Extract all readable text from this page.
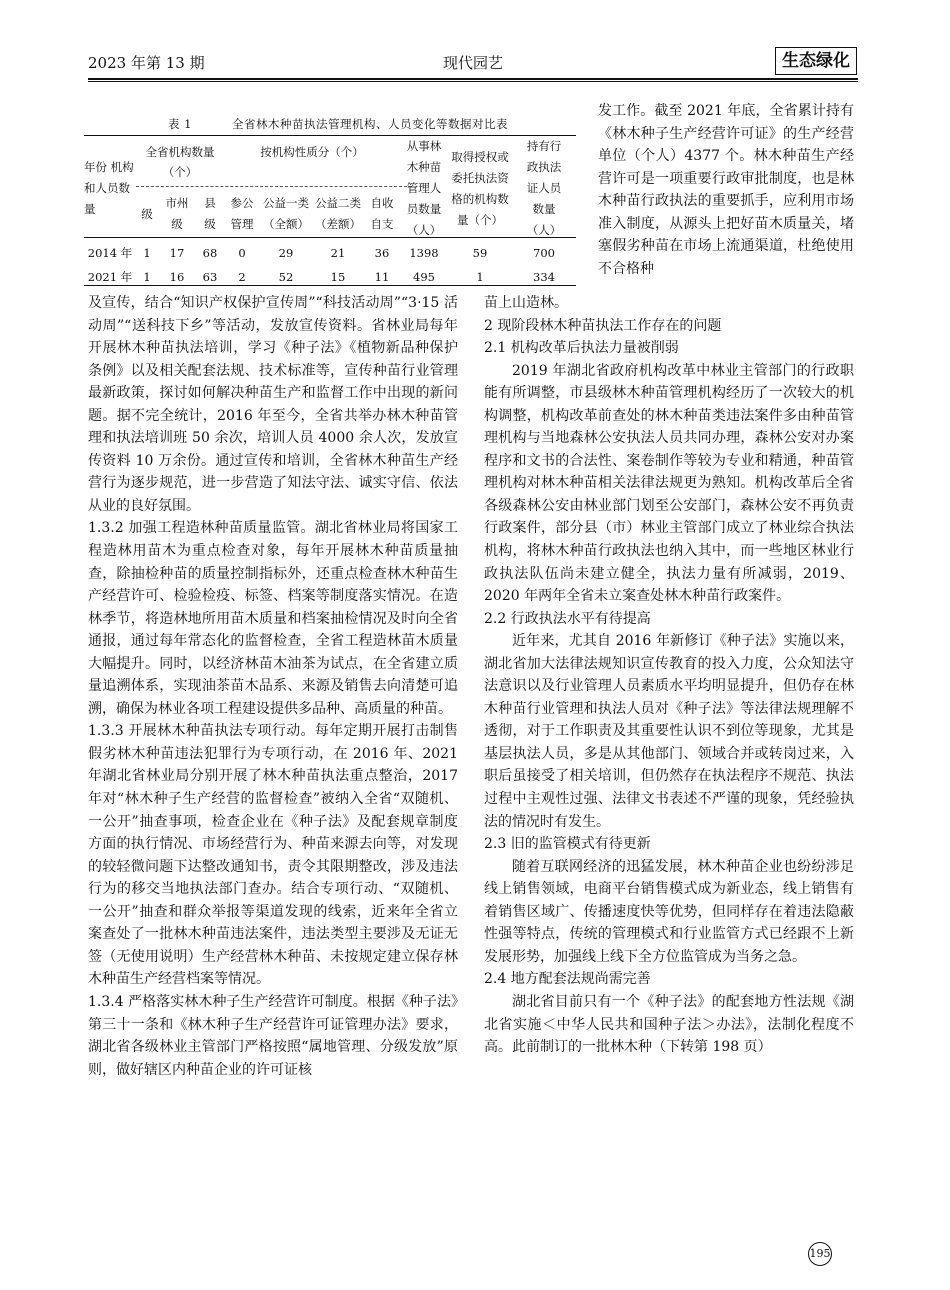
2023 年第 13 期	现代园艺	生态绿化
表 1	全省林木种苗执法管理机构、人员变化等数据对比表
年份 机构和人员数量	全省机构数量（个）			按机构性质分（个）				从事林木种苗管理人员数量（人）	取得授权或委托执法资格的机构数量（个）	持有行政执法证人员数量（人）

	级	市州级	县级	参公管理	公益一类（全额）	公益二类（差额）	自收自支			

2014 年	1	17	68	0	29	21	36	1398	59	700
2021 年	1	16	63	2	52	15	11	495	1	334

发工作。截至 2021 年底，全省累计持有《林木种子生产经营许可证》的生产经营单位（个人）4377 个。林木种苗生产经营许可是一项重要行政审批制度，也是林木种苗行政执法的重要抓手，应利用市场准入制度，从源头上把好苗木质量关，堵塞假劣种苗在市场上流通渠道，杜绝使用不合格种

及宣传，结合“知识产权保护宣传周”“科技活动周”“3·15 活动周”“送科技下乡”等活动，发放宣传资料。省林业局每年开展林木种苗执法培训，学习《种子法》《植物新品种保护条例》以及相关配套法规、技术标准等，宣传种苗行业管理最新政策，探讨如何解决种苗生产和监督工作中出现的新问题。据不完全统计，2016 年至今，全省共举办林木种苗管理和执法培训班 50 余次，培训人员 4000 余人次，发放宣传资料 10 万余份。通过宣传和培训，全省林木种苗生产经营行为逐步规范，进一步营造了知法守法、诚实守信、依法从业的良好氛围。

1.3.2 加强工程造林种苗质量监管。湖北省林业局将国家工程造林用苗木为重点检查对象，每年开展林木种苗质量抽查，除抽检种苗的质量控制指标外，还重点检查林木种苗生产经营许可、检验检疫、标签、档案等制度落实情况。在造林季节，将造林地所用苗木质量和档案抽检情况及时向全省通报，通过每年常态化的监督检查，全省工程造林苗木质量大幅提升。同时，以经济林苗木油茶为试点，在全省建立质量追溯体系，实现油茶苗木品系、来源及销售去向清楚可追溯，确保为林业各项工程建设提供多品种、高质量的种苗。

1.3.3 开展林木种苗执法专项行动。每年定期开展打击制售假劣林木种苗违法犯罪行为专项行动，在 2016 年、2021 年湖北省林业局分别开展了林木种苗执法重点整治，2017 年对“林木种子生产经营的监督检查”被纳入全省“双随机、一公开”抽查事项，检查企业在《种子法》及配套规章制度方面的执行情况、市场经营行为、种苗来源去向等，对发现的较轻微问题下达整改通知书，责令其限期整改，涉及违法行为的移交当地执法部门查办。结合专项行动、“双随机、一公开”抽查和群众举报等渠道发现的线索，近来年全省立案查处了一批林木种苗违法案件，违法类型主要涉及无证无签（无使用说明）生产经营林木种苗、未按规定建立保存林木种苗生产经营档案等情况。

1.3.4 严格落实林木种子生产经营许可制度。根据《种子法》第三十一条和《林木种子生产经营许可证管理办法》要求，湖北省各级林业主管部门严格按照“属地管理、分级发放”原则，做好辖区内种苗企业的许可证核

苗上山造林。

2 现阶段林木种苗执法工作存在的问题

2.1 机构改革后执法力量被削弱

2019 年湖北省政府机构改革中林业主管部门的行政职能有所调整，市县级林木种苗管理机构经历了一次较大的机构调整，机构改革前查处的林木种苗类违法案件多由种苗管理机构与当地森林公安执法人员共同办理，森林公安对办案程序和文书的合法性、案卷制作等较为专业和精通，种苗管理机构对林木种苗相关法律法规更为熟知。机构改革后全省各级森林公安由林业部门划至公安部门，森林公安不再负责行政案件，部分县（市）林业主管部门成立了林业综合执法机构，将林木种苗行政执法也纳入其中，而一些地区林业行政执法队伍尚未建立健全，执法力量有所减弱，2019、2020 年两年全省未立案查处林木种苗行政案件。

2.2 行政执法水平有待提高

近年来，尤其自 2016 年新修订《种子法》实施以来，湖北省加大法律法规知识宣传教育的投入力度，公众知法守法意识以及行业管理人员素质水平均明显提升，但仍存在林木种苗行业管理和执法人员对《种子法》等法律法规理解不透彻，对于工作职责及其重要性认识不到位等现象，尤其是基层执法人员，多是从其他部门、领域合并或转岗过来，入职后虽接受了相关培训，但仍然存在执法程序不规范、执法过程中主观性过强、法律文书表述不严谨的现象，凭经验执法的情况时有发生。

2.3 旧的监管模式有待更新

随着互联网经济的迅猛发展，林木种苗企业也纷纷涉足线上销售领域，电商平台销售模式成为新业态，线上销售有着销售区域广、传播速度快等优势，但同样存在着违法隐蔽性强等特点，传统的管理模式和行业监管方式已经跟不上新发展形势，加强线上线下全方位监管成为当务之急。

2.4 地方配套法规尚需完善

湖北省目前只有一个《种子法》的配套地方性法规《湖北省实施＜中华人民共和国种子法＞办法》，法制化程度不高。此前制订的一批林木种（下转第 198 页）

195
